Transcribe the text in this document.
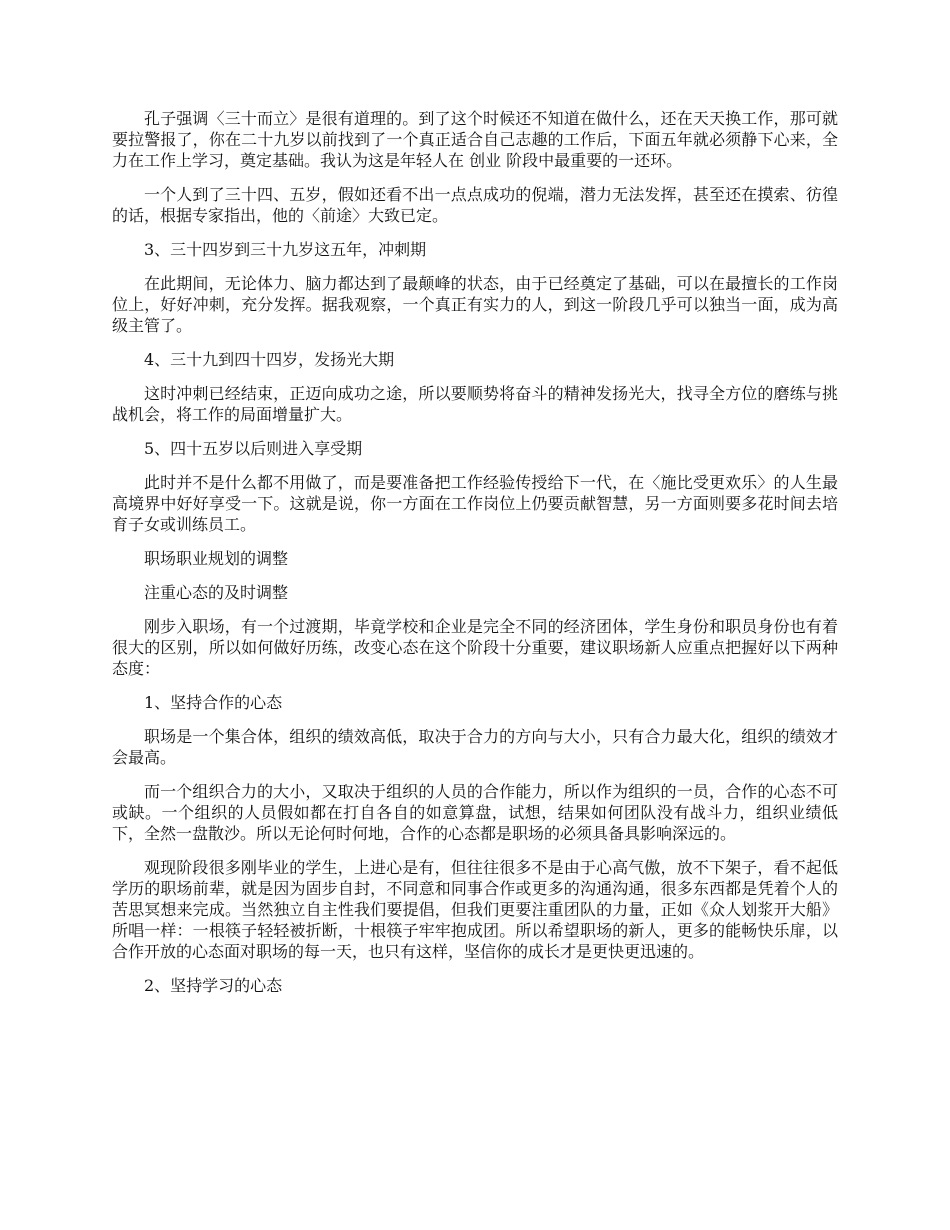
孔子强调〈三十而立〉是很有道理的。到了这个时候还不知道在做什么，还在天天换工作，那可就要拉警报了，你在二十九岁以前找到了一个真正适合自己志趣的工作后，下面五年就必须静下心来，全力在工作上学习，奠定基础。我认为这是年轻人在 创业 阶段中最重要的一还环。

一个人到了三十四、五岁，假如还看不出一点点成功的倪端，潜力无法发挥，甚至还在摸索、彷徨的话，根据专家指出，他的〈前途〉大致已定。

3、三十四岁到三十九岁这五年，冲刺期

在此期间，无论体力、脑力都达到了最颠峰的状态，由于已经奠定了基础，可以在最擅长的工作岗位上，好好冲刺，充分发挥。据我观察，一个真正有实力的人，到这一阶段几乎可以独当一面，成为高级主管了。

4、三十九到四十四岁，发扬光大期

这时冲刺已经结束，正迈向成功之途，所以要顺势将奋斗的精神发扬光大，找寻全方位的磨练与挑战机会，将工作的局面增量扩大。

5、四十五岁以后则进入享受期

此时并不是什么都不用做了，而是要准备把工作经验传授给下一代，在〈施比受更欢乐〉的人生最高境界中好好享受一下。这就是说，你一方面在工作岗位上仍要贡献智慧，另一方面则要多花时间去培育子女或训练员工。

职场职业规划的调整

注重心态的及时调整

刚步入职场，有一个过渡期，毕竟学校和企业是完全不同的经济团体，学生身份和职员身份也有着很大的区别，所以如何做好历练，改变心态在这个阶段十分重要，建议职场新人应重点把握好以下两种态度：

1、坚持合作的心态

职场是一个集合体，组织的绩效高低，取决于合力的方向与大小，只有合力最大化，组织的绩效才会最高。

而一个组织合力的大小，又取决于组织的人员的合作能力，所以作为组织的一员，合作的心态不可或缺。一个组织的人员假如都在打自各自的如意算盘，试想，结果如何团队没有战斗力，组织业绩低下，全然一盘散沙。所以无论何时何地，合作的心态都是职场的必须具备具影响深远的。

观现阶段很多刚毕业的学生，上进心是有，但往往很多不是由于心高气傲，放不下架子，看不起低学历的职场前辈，就是因为固步自封，不同意和同事合作或更多的沟通沟通，很多东西都是凭着个人的苦思冥想来完成。当然独立自主性我们要提倡，但我们更要注重团队的力量，正如《众人划浆开大船》所唱一样：一根筷子轻轻被折断，十根筷子牢牢抱成团。所以希望职场的新人，更多的能畅快乐扉，以合作开放的心态面对职场的每一天，也只有这样，坚信你的成长才是更快更迅速的。

2、坚持学习的心态
